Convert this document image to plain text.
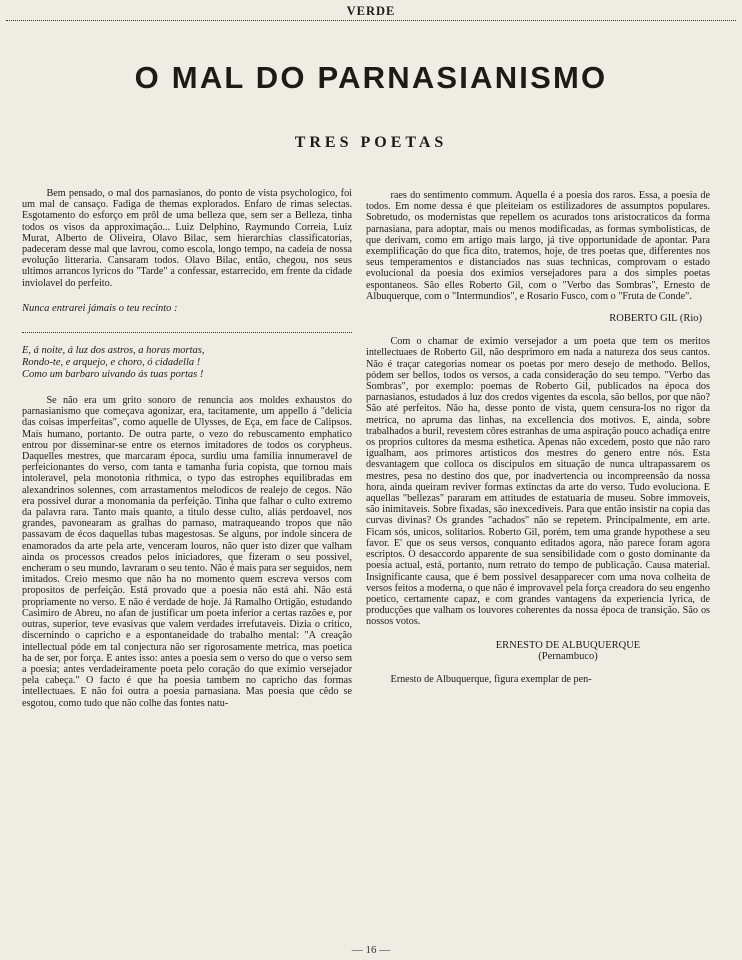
VERDE
O MAL DO PARNASIANISMO
TRES POETAS

Bem pensado, o mal dos parnasianos, do ponto de vista psychologico, foi um mal de cansaço. Fadiga de themas explorados. Enfaro de rimas selectas. Esgotamento do esforço em prôl de uma belleza que, sem ser a Belleza, tinha todos os visos da approximação... Luiz Delphino, Raymundo Correia, Luiz Murat, Alberto de Oliveira, Olavo Bilac, sem hierarchias classificatorias, padeceram desse mal que lavrou, como escola, longo tempo, na cadeia de nossa evolução litteraria. Cansaram todos. Olavo Bilac, então, chegou, nos seus ultimos arrancos lyricos do "Tarde" a confessar, estarrecido, em frente da cidade inviolavel do perfeito.

Nunca entrarei jámais o teu recinto :
E, á noite, á luz dos astros, a horas mortas,
Rondo-te, e arquejo, e choro, ó cidadella !
Como um barbaro uivando ás tuas portas !

Se não era um grito sonoro de renuncia aos moldes exhaustos do parnasianismo que começava agonizar, era, tacitamente, um appello á "delicia das coisas imperfeitas", como aquelle de Ulysses, de Eça, em face de Calipsos. Mais humano, portanto. De outra parte, o vezo do rebuscamento emphatico entrou por disseminar-se entre os eternos imitadores de todos os corypheus. Daquelles mestres, que marcaram época, surdiu uma familia innumeravel de perfeicionantes do verso, com tanta e tamanha furia copista, que tornou mais intoleravel, pela monotonia rithmica, o typo das estrophes equilibradas em alexandrinos solennes, com arrastamentos melodicos de realejo de cegos. Não era possivel durar a monomania da perfeição. Tinha que falhar o culto extremo da palavra rara. Tanto mais quanto, a titulo desse culto, aliás perdoavel, nos grandes, pavonearam as gralhas do parnaso, matraqueando tropos que não passavam de écos daquellas tubas magestosas. Se alguns, por indole sincera de enamorados da arte pela arte, venceram louros, não quer isto dizer que valham ainda os processos creados pelos iniciadores, que fizeram o seu possivel, encheram o seu mundo, lavraram o seu tento. Não é mais para ser seguidos, nem imitados. Creio mesmo que não ha no momento quem escreva versos com propositos de perfeição. Está provado que a poesia não está ahi. Não está propriamente no verso. E não é verdade de hoje. Já Ramalho Ortigão, estudando Casimiro de Abreu, no afan de justificar um poeta inferior a certas razões e, por outras, superior, teve evasivas que valem verdades irrefutaveis. Dizia o critico, discernindo o capricho e a espontaneidade do trabalho mental: "A creação intellectual póde em tal conjectura não ser rigorosamente metrica, mas poetica ha de ser, por força. E antes isso: antes a poesia sem o verso do que o verso sem a poesia; antes verdadeiramente poeta pelo coração do que eximio versejador pela cabeça." O facto é que ha poesia tambem no capricho das formas intellectuaes. E não foi outra a poesia parnasiana. Mas poesia que cêdo se esgotou, como tudo que não colhe das fontes natu-

raes do sentimento commum. Aquella é a poesia dos raros. Essa, a poesia de todos. Em nome dessa é que pleiteiam os estilizadores de assumptos populares. Sobretudo, os modernistas que repellem os acurados tons aristocraticos da forma parnasiana, para adoptar, mais ou menos modificadas, as formas symbolisticas, de que derivam, como em artigo mais largo, já tive opportunidade de apontar. Para exemplificação do que fica dito, tratemos, hoje, de tres poetas que, differentes nos seus temperamentos e distanciados nas suas technicas, comprovam o estado evolucional da poesia dos eximios versejadores para a dos simples poetas espontaneos. São elles Roberto Gil, com o "Verbo das Sombras", Ernesto de Albuquerque, com o "Intermundios", e Rosario Fusco, com o "Fruta de Conde".

ROBERTO GIL (Rio)

Com o chamar de eximio versejador a um poeta que tem os meritos intellectuaes de Roberto Gil, não desprimoro em nada a natureza dos seus cantos. Não é traçar categorias nomear os poetas por mero desejo de methodo. Bellos, pódem ser bellos, todos os versos, a cada consideração do seu tempo. "Verbo das Sombras", por exemplo: poemas de Roberto Gil, publicados na época dos parnasianos, estudados á luz dos credos vigentes da escola, são bellos, por que não? São até perfeitos. Não ha, desse ponto de vista, quem censura-los no rigor da metrica, no apruma das linhas, na excellencia dos motivos. E, ainda, sobre trabalhados a buril, revestem côres estranhas de uma aspiração pouco achadiça entre os proprios cultores da mesma esthetica. Apenas não excedem, posto que não raro igualham, aos primores artisticos dos mestres do genero entre nós. Esta desvantagem que colloca os discipulos em situação de nunca ultrapassarem os mestres, pesa no destino dos que, por inadvertencia ou incompreensão da nossa hora, ainda queiram reviver formas extinctas da arte do verso. Tudo evoluciona. E aquellas "bellezas" pararam em attitudes de estatuaria de museu. Sobre immoveis, são inimitaveis. Sobre fixadas, são inexcediveis. Para que então insistir na copia das curvas divinas? Os grandes "achados" não se repetem. Principalmente, em arte. Ficam sós, unicos, solitarios. Roberto Gil, porém, tem uma grande hypothese a seu favor. E' que os seus versos, conquanto editados agora, não parece foram agora escriptos. O desaccordo apparente de sua sensibilidade com o gosto dominante da poesia actual, está, portanto, num retrato do tempo de publicação. Causa material. Insignificante causa, que é bem possivel desapparecer com uma nova colheita de versos feitos a moderna, o que não é improvavel pela força creadora do seu engenho poetico, certamente capaz, e com grandes vantagens da experiencia lyrica, de producções que valham os louvores coherentes da nossa época de transição. São os nossos votos.

ERNESTO DE ALBUQUERQUE
(Pernambuco)

Ernesto de Albuquerque, figura exemplar de pen-

— 16 —
